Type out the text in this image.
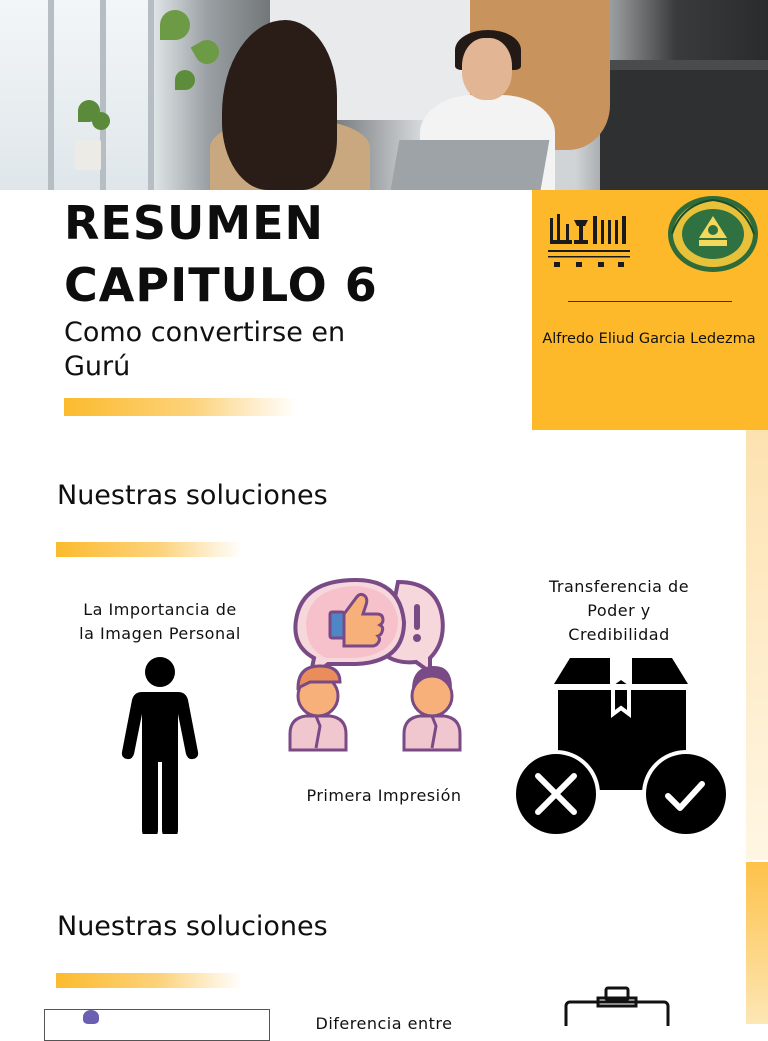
RESUMEN
CAPITULO 6
Como convertirse en
Gurú
Alfredo Eliud Garcia Ledezma
Nuestras soluciones
La Importancia de
la Imagen Personal
Primera Impresión
Transferencia de
Poder y
Credibilidad
Nuestras soluciones
Diferencia entre
